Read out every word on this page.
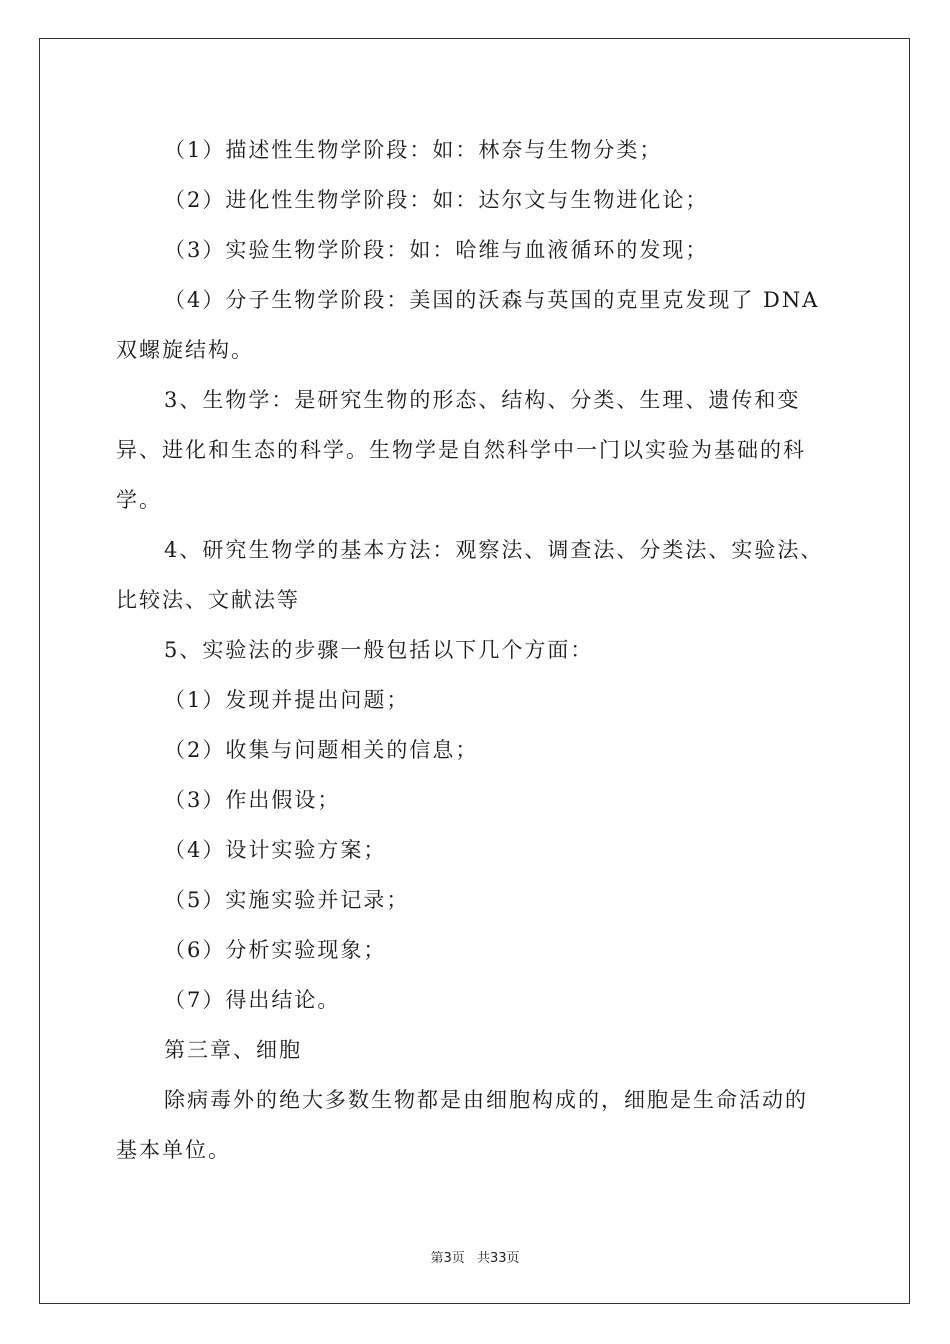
（1）描述性生物学阶段：如：林奈与生物分类；
（2）进化性生物学阶段：如：达尔文与生物进化论；
（3）实验生物学阶段：如：哈维与血液循环的发现；
（4）分子生物学阶段：美国的沃森与英国的克里克发现了 DNA
双螺旋结构。
3、生物学：是研究生物的形态、结构、分类、生理、遗传和变
异、进化和生态的科学。生物学是自然科学中一门以实验为基础的科
学。
4、研究生物学的基本方法：观察法、调查法、分类法、实验法、
比较法、文献法等
5、实验法的步骤一般包括以下几个方面：
（1）发现并提出问题；
（2）收集与问题相关的信息；
（3）作出假设；
（4）设计实验方案；
（5）实施实验并记录；
（6）分析实验现象；
（7）得出结论。
第三章、细胞
除病毒外的绝大多数生物都是由细胞构成的，细胞是生命活动的
基本单位。
第3页 共33页
